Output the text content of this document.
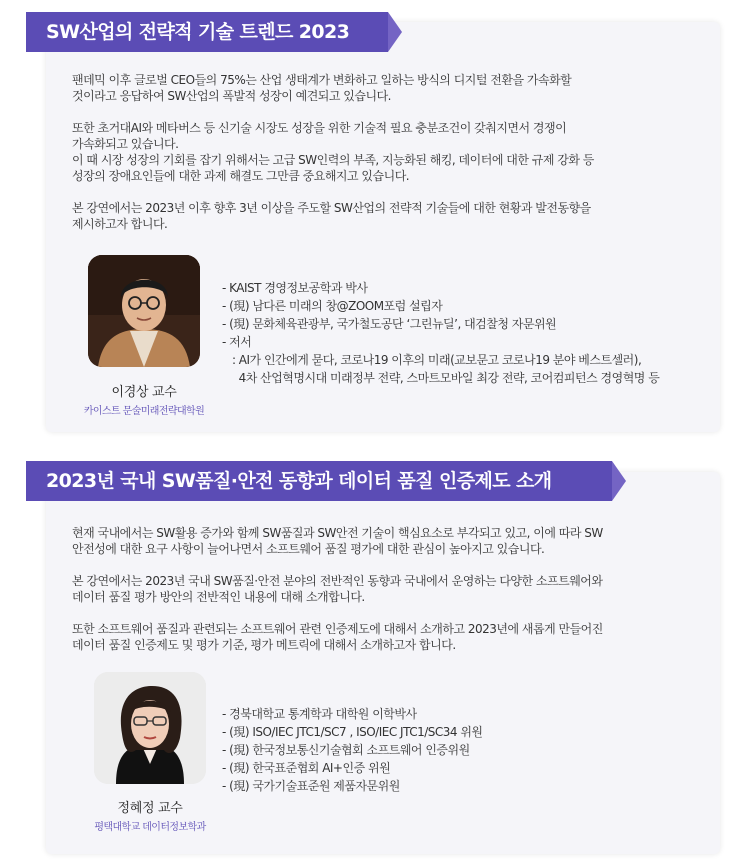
SW산업의 전략적 기술 트렌드 2023

팬데믹 이후 글로벌 CEO들의 75%는 산업 생태계가 변화하고 일하는 방식의 디지털 전환을 가속화할
것이라고 응답하여 SW산업의 폭발적 성장이 예견되고 있습니다.

또한 초거대AI와 메타버스 등 신기술 시장도 성장을 위한 기술적 필요 충분조건이 갖춰지면서 경쟁이
가속화되고 있습니다.
이 때 시장 성장의 기회를 잡기 위해서는 고급 SW인력의 부족, 지능화된 해킹, 데이터에 대한 규제 강화 등
성장의 장애요인들에 대한 과제 해결도 그만큼 중요해지고 있습니다.

본 강연에서는 2023년 이후 향후 3년 이상을 주도할 SW산업의 전략적 기술들에 대한 현황과 발전동향을
제시하고자 합니다.

이경상 교수
카이스트 문술미래전략대학원
- KAIST 경영정보공학과 박사
- (現) 남다른 미래의 창@ZOOM포럼 설립자
- (現) 문화체육관광부, 국가철도공단 ‘그린뉴딜’, 대검찰청 자문위원
- 저서
: AI가 인간에게 묻다, 코로나19 이후의 미래(교보문고 코로나19 분야 베스트셀러),
4차 산업혁명시대 미래정부 전략, 스마트모바일 최강 전략, 코어컴피턴스 경영혁명 등
2023년 국내 SW품질·안전 동향과 데이터 품질 인증제도 소개

현재 국내에서는 SW활용 증가와 함께 SW품질과 SW안전 기술이 핵심요소로 부각되고 있고, 이에 따라 SW
안전성에 대한 요구 사항이 늘어나면서 소프트웨어 품질 평가에 대한 관심이 높아지고 있습니다.

본 강연에서는 2023년 국내 SW품질·안전 분야의 전반적인 동향과 국내에서 운영하는 다양한 소프트웨어와
데이터 품질 평가 방안의 전반적인 내용에 대해 소개합니다.

또한 소프트웨어 품질과 관련되는 소프트웨어 관련 인증제도에 대해서 소개하고 2023년에 새롭게 만들어진
데이터 품질 인증제도 및 평가 기준, 평가 메트릭에 대해서 소개하고자 합니다.

정혜정 교수
평택대학교 데이터정보학과
- 경북대학교 통계학과 대학원 이학박사
- (現) ISO/IEC JTC1/SC7 , ISO/IEC JTC1/SC34 위원
- (現) 한국정보통신기술협회 소프트웨어 인증위원
- (現) 한국표준협회 AI+인증 위원
- (現) 국가기술표준원 제품자문위원
